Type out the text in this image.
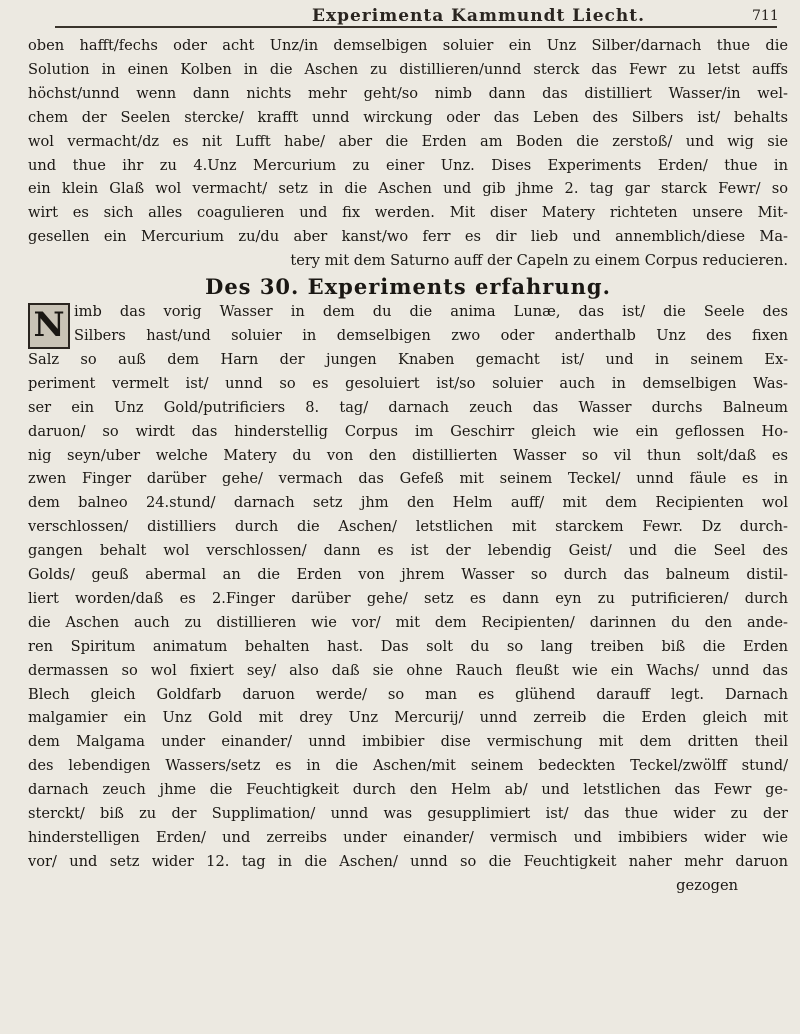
Experimenta Kammundt Liecht.	711
oben hafft/fechs oder acht Unz/in demselbigen soluier ein Unz Silber/darnach thue die
Solution in einen Kolben in die Aschen zu distillieren/unnd sterck das Fewr zu letst auffs
höchst/unnd wenn dann nichts mehr geht/so nimb dann das distilliert Wasser/in wel-
chem der Seelen stercke/ krafft unnd wirckung oder das Leben des Silbers ist/ behalts
wol vermacht/dz es nit Lufft habe/ aber die Erden am Boden die zerstoß/ und wig sie
und thue ihr zu 4.Unz Mercurium zu einer Unz. Dises Experiments Erden/ thue in
ein klein Glaß wol vermacht/ setz in die Aschen und gib jhme 2. tag gar starck Fewr/ so
wirt es sich alles coagulieren und fix werden. Mit diser Matery richteten unsere Mit-
gesellen ein Mercurium zu/du aber kanst/wo ferr es dir lieb und annemblich/diese Ma-
tery mit dem Saturno auff der Capeln zu einem Corpus reducieren.
Des 30. Experiments erfahrung.
N imb das vorig Wasser in dem du die anima Lunæ, das ist/ die Seele des
Silbers hast/und soluier in demselbigen zwo oder anderthalb Unz des fixen
Salz so auß dem Harn der jungen Knaben gemacht ist/ und in seinem Ex-
periment vermelt ist/ unnd so es gesoluiert ist/so soluier auch in demselbigen Was-
ser ein Unz Gold/putrificiers 8. tag/ darnach zeuch das Wasser durchs Balneum
daruon/ so wirdt das hinderstellig Corpus im Geschirr gleich wie ein geflossen Ho-
nig seyn/uber welche Matery du von den distillierten Wasser so vil thun solt/daß es
zwen Finger darüber gehe/ vermach das Gefeß mit seinem Teckel/ unnd fäule es in
dem balneo 24.stund/ darnach setz jhm den Helm auff/ mit dem Recipienten wol
verschlossen/ distilliers durch die Aschen/ letstlichen mit starckem Fewr. Dz durch-
gangen behalt wol verschlossen/ dann es ist der lebendig Geist/ und die Seel des
Golds/ geuß abermal an die Erden von jhrem Wasser so durch das balneum distil-
liert worden/daß es 2.Finger darüber gehe/ setz es dann eyn zu putrificieren/ durch
die Aschen auch zu distillieren wie vor/ mit dem Recipienten/ darinnen du den ande-
ren Spiritum animatum behalten hast. Das solt du so lang treiben biß die Erden
dermassen so wol fixiert sey/ also daß sie ohne Rauch fleußt wie ein Wachs/ unnd das
Blech gleich Goldfarb daruon werde/ so man es glühend darauff legt. Darnach
malgamier ein Unz Gold mit drey Unz Mercurij/ unnd zerreib die Erden gleich mit
dem Malgama under einander/ unnd imbibier dise vermischung mit dem dritten theil
des lebendigen Wassers/setz es in die Aschen/mit seinem bedeckten Teckel/zwölff stund/
darnach zeuch jhme die Feuchtigkeit durch den Helm ab/ und letstlichen das Fewr ge-
sterckt/ biß zu der Supplimation/ unnd was gesupplimiert ist/ das thue wider zu der
hinderstelligen Erden/ und zerreibs under einander/ vermisch und imbibiers wider wie
vor/ und setz wider 12. tag in die Aschen/ unnd so die Feuchtigkeit naher mehr daruon
gezogen
